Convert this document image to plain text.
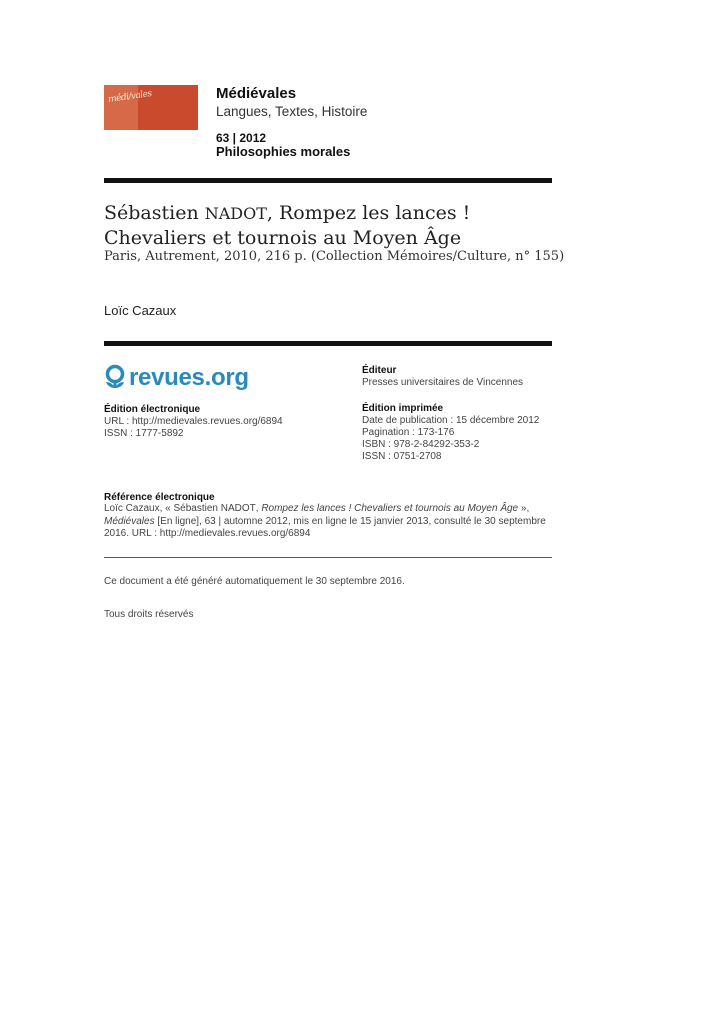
médi/vales	Médiévales
Langues, Textes, Histoire
63 | 2012
Philosophies morales
Sébastien NADOT, Rompez les lances ! Chevaliers et tournois au Moyen Âge
Paris, Autrement, 2010, 216 p. (Collection Mémoires/Culture, n° 155)
Loïc Cazaux
revues.org
Édition électronique
URL : http://medievales.revues.org/6894
ISSN : 1777-5892
Éditeur
Presses universitaires de Vincennes
Édition imprimée
Date de publication : 15 décembre 2012
Pagination : 173-176
ISBN : 978-2-84292-353-2
ISSN : 0751-2708
Référence électronique
Loïc Cazaux, « Sébastien NADOT, Rompez les lances ! Chevaliers et tournois au Moyen Âge », Médiévales [En ligne], 63 | automne 2012, mis en ligne le 15 janvier 2013, consulté le 30 septembre 2016. URL : http://medievales.revues.org/6894
Ce document a été généré automatiquement le 30 septembre 2016.
Tous droits réservés
